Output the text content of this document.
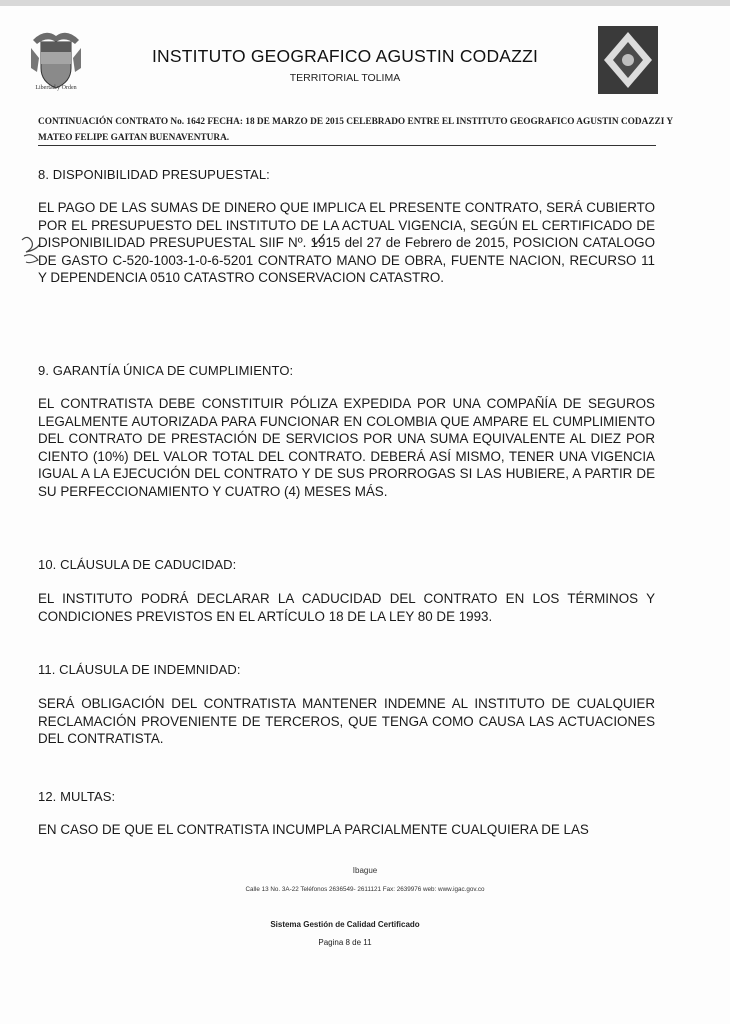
Libertad y Orden
INSTITUTO GEOGRAFICO AGUSTIN CODAZZI
TERRITORIAL TOLIMA
CONTINUACIÓN CONTRATO No. 1642 FECHA: 18 DE MARZO DE 2015 CELEBRADO ENTRE EL INSTITUTO GEOGRAFICO AGUSTIN CODAZZI Y MATEO FELIPE GAITAN BUENAVENTURA.
8. DISPONIBILIDAD PRESUPUESTAL:
EL PAGO DE LAS SUMAS DE DINERO QUE IMPLICA EL PRESENTE CONTRATO, SERÁ CUBIERTO POR EL PRESUPUESTO DEL INSTITUTO DE LA ACTUAL VIGENCIA, SEGÚN EL CERTIFICADO DE DISPONIBILIDAD PRESUPUESTAL SIIF Nº. 1915 del 27 de Febrero de 2015, POSICION CATALOGO DE GASTO C-520-1003-1-0-6-5201 CONTRATO MANO DE OBRA, FUENTE NACION, RECURSO 11 Y DEPENDENCIA 0510 CATASTRO CONSERVACION CATASTRO.
9. GARANTÍA ÚNICA DE CUMPLIMIENTO:
EL CONTRATISTA DEBE CONSTITUIR PÓLIZA EXPEDIDA POR UNA COMPAÑÍA DE SEGUROS LEGALMENTE AUTORIZADA PARA FUNCIONAR EN COLOMBIA QUE AMPARE EL CUMPLIMIENTO DEL CONTRATO DE PRESTACIÓN DE SERVICIOS POR UNA SUMA EQUIVALENTE AL DIEZ POR CIENTO (10%) DEL VALOR TOTAL DEL CONTRATO. DEBERÁ ASÍ MISMO, TENER UNA VIGENCIA IGUAL A LA EJECUCIÓN DEL CONTRATO Y DE SUS PRORROGAS SI LAS HUBIERE, A PARTIR DE SU PERFECCIONAMIENTO Y CUATRO (4) MESES MÁS.
10. CLÁUSULA DE CADUCIDAD:
EL INSTITUTO PODRÁ DECLARAR LA CADUCIDAD DEL CONTRATO EN LOS TÉRMINOS Y CONDICIONES PREVISTOS EN EL ARTÍCULO 18 DE LA LEY 80 DE 1993.
11. CLÁUSULA DE INDEMNIDAD:
SERÁ OBLIGACIÓN DEL CONTRATISTA MANTENER INDEMNE AL INSTITUTO DE CUALQUIER RECLAMACIÓN PROVENIENTE DE TERCEROS, QUE TENGA COMO CAUSA LAS ACTUACIONES DEL CONTRATISTA.
12. MULTAS:
EN CASO DE QUE EL CONTRATISTA INCUMPLA PARCIALMENTE CUALQUIERA DE LAS
Ibague
Calle 13 No. 3A-22 Teléfonos 2636549- 2611121 Fax: 2639976 web: www.igac.gov.co
Sistema Gestión de Calidad Certificado
Pagina 8 de 11
